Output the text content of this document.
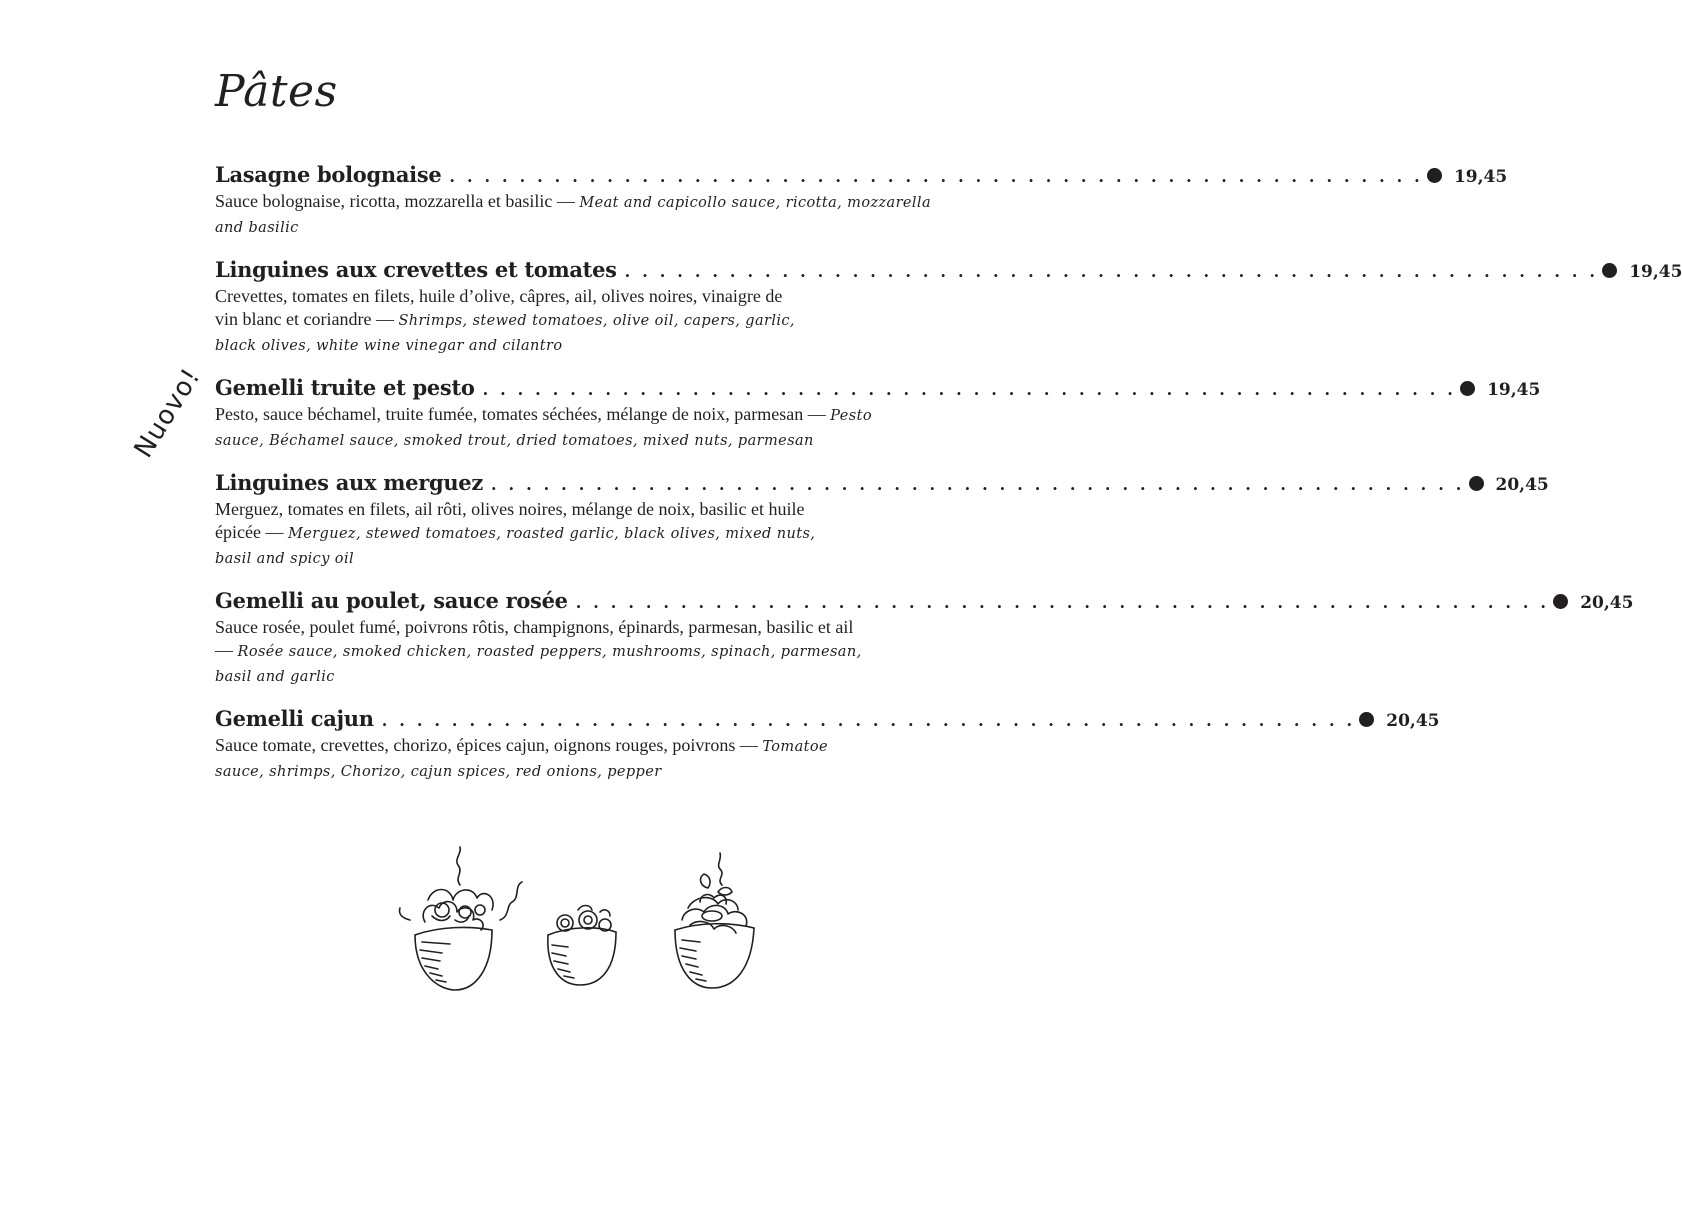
Pâtes
Nuovo!
Lasagne bolognaise . . . . . . . . . . . . . . . . . . . . . . . . . . . . . . . . . . . . . . . . . . . . . . . . . . . . . . . . 19,45
Sauce bolognaise, ricotta, mozzarella et basilic — Meat and capicollo sauce, ricotta, mozzarella and basilic
Linguines aux crevettes et tomates . . . . . . . . . . . . . . . . . . . . . . . . . . . . . . . . . . . . . . . . . . . . . . . . . . . . . . . . 19,45
Crevettes, tomates en filets, huile d’olive, câpres, ail, olives noires, vinaigre de vin blanc et coriandre — Shrimps, stewed tomatoes, olive oil, capers, garlic, black olives, white wine vinegar and cilantro
Gemelli truite et pesto . . . . . . . . . . . . . . . . . . . . . . . . . . . . . . . . . . . . . . . . . . . . . . . . . . . . . . . . 19,45
Pesto, sauce béchamel, truite fumée, tomates séchées, mélange de noix, parmesan — Pesto sauce, Béchamel sauce, smoked trout, dried tomatoes, mixed nuts, parmesan
Linguines aux merguez . . . . . . . . . . . . . . . . . . . . . . . . . . . . . . . . . . . . . . . . . . . . . . . . . . . . . . . . 20,45
Merguez, tomates en filets, ail rôti, olives noires, mélange de noix, basilic et huile épicée — Merguez, stewed tomatoes, roasted garlic, black olives, mixed nuts, basil and spicy oil
Gemelli au poulet, sauce rosée . . . . . . . . . . . . . . . . . . . . . . . . . . . . . . . . . . . . . . . . . . . . . . . . . . . . . . . . 20,45
Sauce rosée, poulet fumé, poivrons rôtis, champignons, épinards, parmesan, basilic et ail — Rosée sauce, smoked chicken, roasted peppers, mushrooms, spinach, parmesan, basil and garlic
Gemelli cajun . . . . . . . . . . . . . . . . . . . . . . . . . . . . . . . . . . . . . . . . . . . . . . . . . . . . . . . . 20,45
Sauce tomate, crevettes, chorizo, épices cajun, oignons rouges, poivrons — Tomatoe sauce, shrimps, Chorizo, cajun spices, red onions, pepper
